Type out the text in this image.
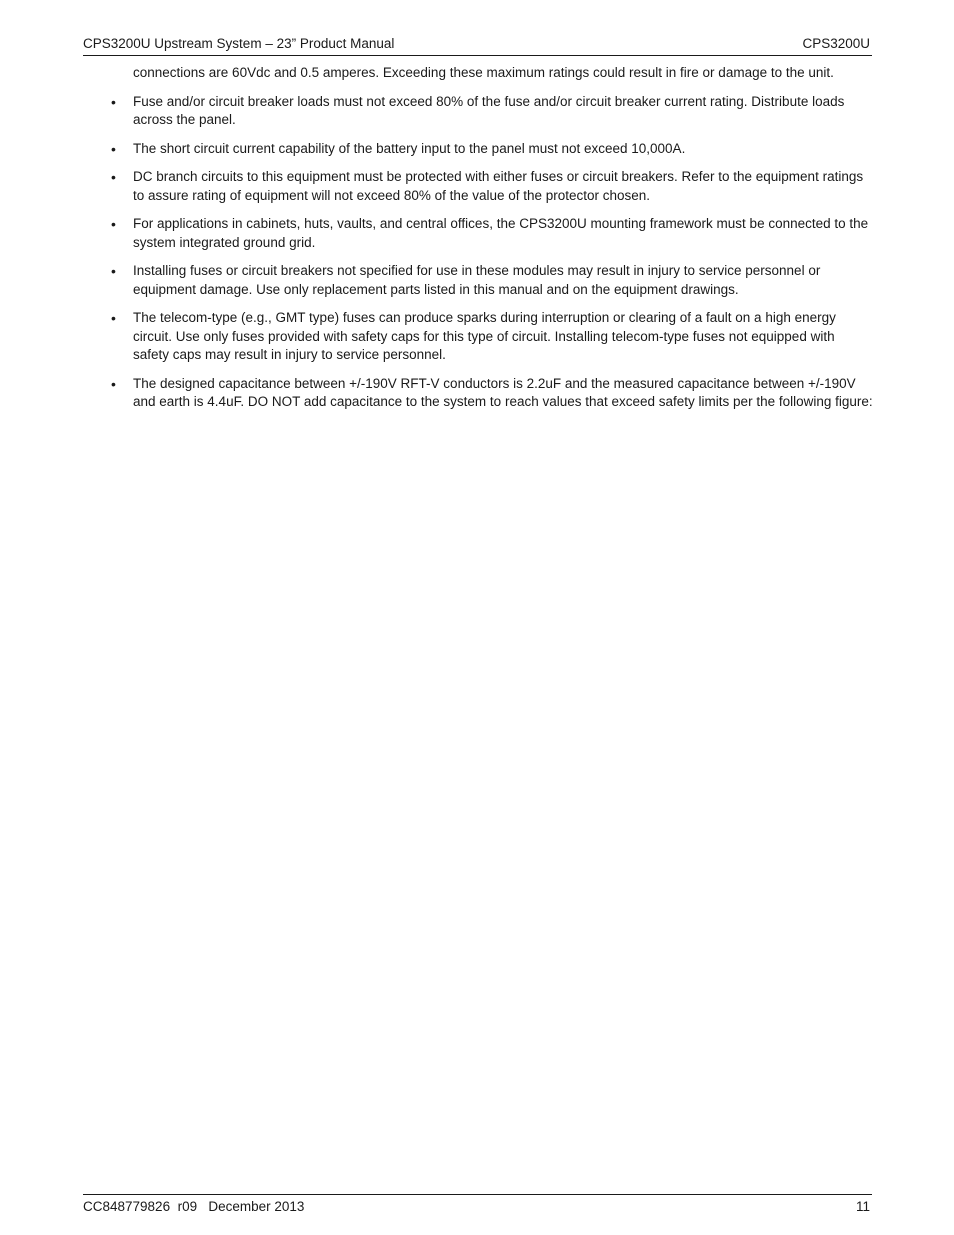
CPS3200U Upstream System – 23” Product Manual	CPS3200U

connections are 60Vdc and 0.5 amperes. Exceeding these maximum ratings could result in fire or damage to the unit.

• Fuse and/or circuit breaker loads must not exceed 80% of the fuse and/or circuit breaker current rating. Distribute loads across the panel.
• The short circuit current capability of the battery input to the panel must not exceed 10,000A.
• DC branch circuits to this equipment must be protected with either fuses or circuit breakers. Refer to the equipment ratings to assure rating of equipment will not exceed 80% of the value of the protector chosen.
• For applications in cabinets, huts, vaults, and central offices, the CPS3200U mounting framework must be connected to the system integrated ground grid.
• Installing fuses or circuit breakers not specified for use in these modules may result in injury to service personnel or equipment damage. Use only replacement parts listed in this manual and on the equipment drawings.
• The telecom-type (e.g., GMT type) fuses can produce sparks during interruption or clearing of a fault on a high energy circuit. Use only fuses provided with safety caps for this type of circuit. Installing telecom-type fuses not equipped with safety caps may result in injury to service personnel.
• The designed capacitance between +/-190V RFT-V conductors is 2.2uF and the measured capacitance between +/-190V and earth is 4.4uF. DO NOT add capacitance to the system to reach values that exceed safety limits per the following figure:
CC848779826  r09   December 2013	11
